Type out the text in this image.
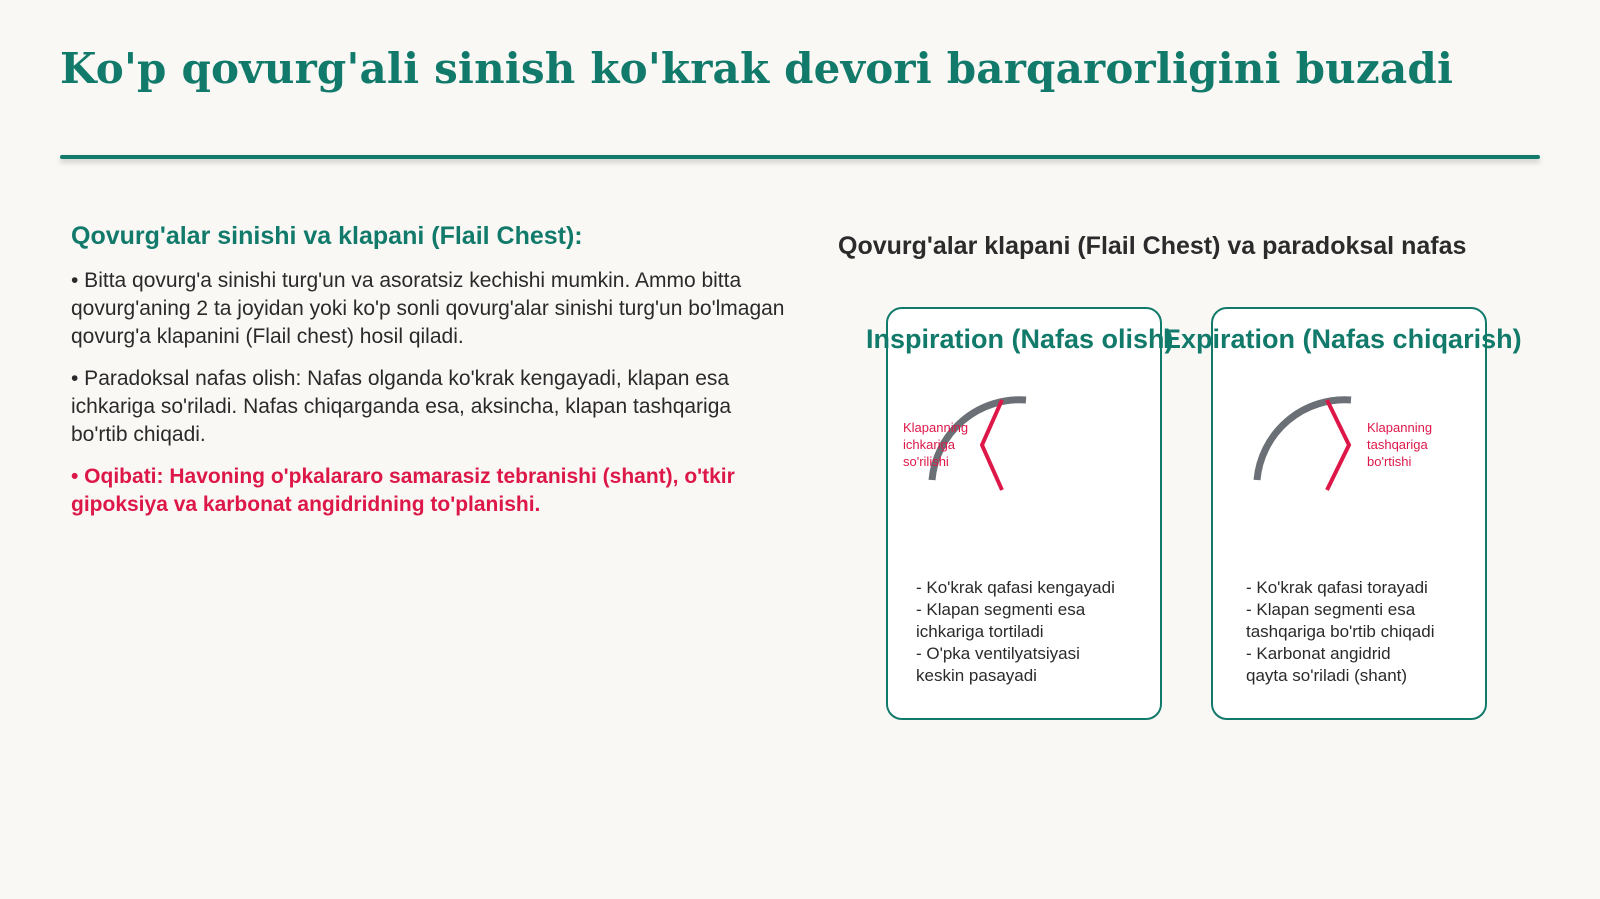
Ko'p qovurg'ali sinish ko'krak devori barqarorligini buzadi
Qovurg'alar sinishi va klapani (Flail Chest):

• Bitta qovurg'a sinishi turg'un va asoratsiz kechishi mumkin. Ammo bitta qovurg'aning 2 ta joyidan yoki ko'p sonli qovurg'alar sinishi turg'un bo'lmagan qovurg'a klapanini (Flail chest) hosil qiladi.

• Paradoksal nafas olish: Nafas olganda ko'krak kengayadi, klapan esa ichkariga so'riladi. Nafas chiqarganda esa, aksincha, klapan tashqariga bo'rtib chiqadi.

• Oqibati: Havoning o'pkalararo samarasiz tebranishi (shant), o'tkir gipoksiya va karbonat angidridning to'planishi.

Qovurg'alar klapani (Flail Chest) va paradoksal nafas
Klapanning
ichkariga
so'rilishi
Klapanning
tashqariga
bo'rtishi
Inspiration (Nafas olish)
Expiration (Nafas chiqarish)
- Ko'krak qafasi kengayadi
- Klapan segmenti esa
ichkariga tortiladi
- O'pka ventilyatsiyasi
keskin pasayadi
- Ko'krak qafasi torayadi
- Klapan segmenti esa
tashqariga bo'rtib chiqadi
- Karbonat angidrid
qayta so'riladi (shant)
